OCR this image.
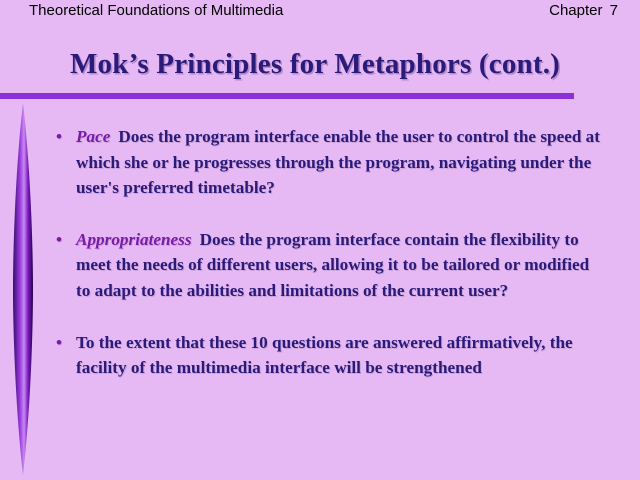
Theoretical Foundations of Multimedia	Chapter 7
Mok’s Principles for Metaphors (cont.)
• Pace Does the program interface enable the user to control the speed at which she or he progresses through the program, navigating under the user's preferred timetable?
• Appropriateness Does the program interface contain the flexibility to meet the needs of different users, allowing it to be tailored or modified to adapt to the abilities and limitations of the current user?
• To the extent that these 10 questions are answered affirmatively, the facility of the multimedia interface will be strengthened
